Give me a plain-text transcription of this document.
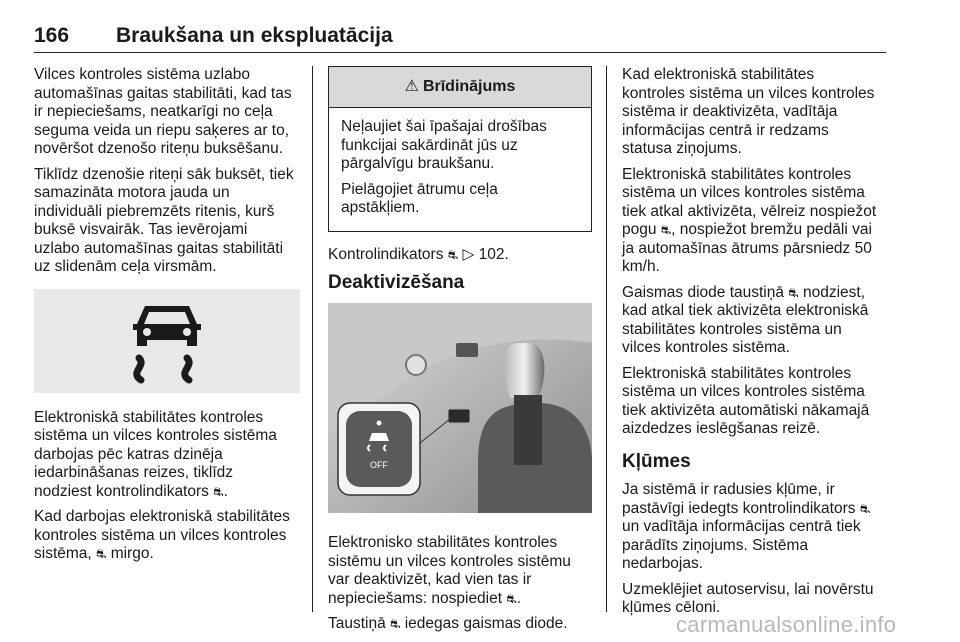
166 Braukšana un ekspluatācija

Vilces kontroles sistēma uzlabo
automašīnas gaitas stabilitāti, kad tas
ir nepieciešams, neatkarīgi no ceļa
seguma veida un riepu saķeres ar to,
novēršot dzenošo riteņu buksēšanu.

Tiklīdz dzenošie riteņi sāk buksēt, tiek
samazināta motora jauda un
individuāli piebremzēts ritenis, kurš
buksē visvairāk. Tas ievērojami
uzlabo automašīnas gaitas stabilitāti
uz slidenām ceļa virsmām.

Elektroniskā stabilitātes kontroles
sistēma un vilces kontroles sistēma
darbojas pēc katras dzinēja
iedarbināšanas reizes, tiklīdz
nodziest kontrolindikators ⛐.

Kad darbojas elektroniskā stabilitātes
kontroles sistēma un vilces kontroles
sistēma, ⛐ mirgo.

⚠ Brīdinājums

Neļaujiet šai īpašajai drošības
funkcijai sakārdināt jūs uz
pārgalvīgu braukšanu.

Pielāgojiet ātrumu ceļa
apstākļiem.

Kontrolindikators ⛐ ▷ 102.

Deaktivizēšana
OFF

Elektronisko stabilitātes kontroles
sistēmu un vilces kontroles sistēmu
var deaktivizēt, kad vien tas ir
nepieciešams: nospiediet ⛐.

Taustiņā ⛐ iedegas gaismas diode.

Kad elektroniskā stabilitātes
kontroles sistēma un vilces kontroles
sistēma ir deaktivizēta, vadītāja
informācijas centrā ir redzams
statusa ziņojums.

Elektroniskā stabilitātes kontroles
sistēma un vilces kontroles sistēma
tiek atkal aktivizēta, vēlreiz nospiežot
pogu ⛐, nospiežot bremžu pedāli vai
ja automašīnas ātrums pārsniedz 50
km/h.

Gaismas diode taustiņā ⛐ nodziest,
kad atkal tiek aktivizēta elektroniskā
stabilitātes kontroles sistēma un
vilces kontroles sistēma.

Elektroniskā stabilitātes kontroles
sistēma un vilces kontroles sistēma
tiek aktivizēta automātiski nākamajā
aizdedzes ieslēgšanas reizē.

Kļūmes

Ja sistēmā ir radusies kļūme, ir
pastāvīgi iedegts kontrolindikators ⛐
un vadītāja informācijas centrā tiek
parādīts ziņojums. Sistēma
nedarbojas.

Uzmeklējiet autoservisu, lai novērstu
kļūmes cēloni.

carmanualsonline.info
